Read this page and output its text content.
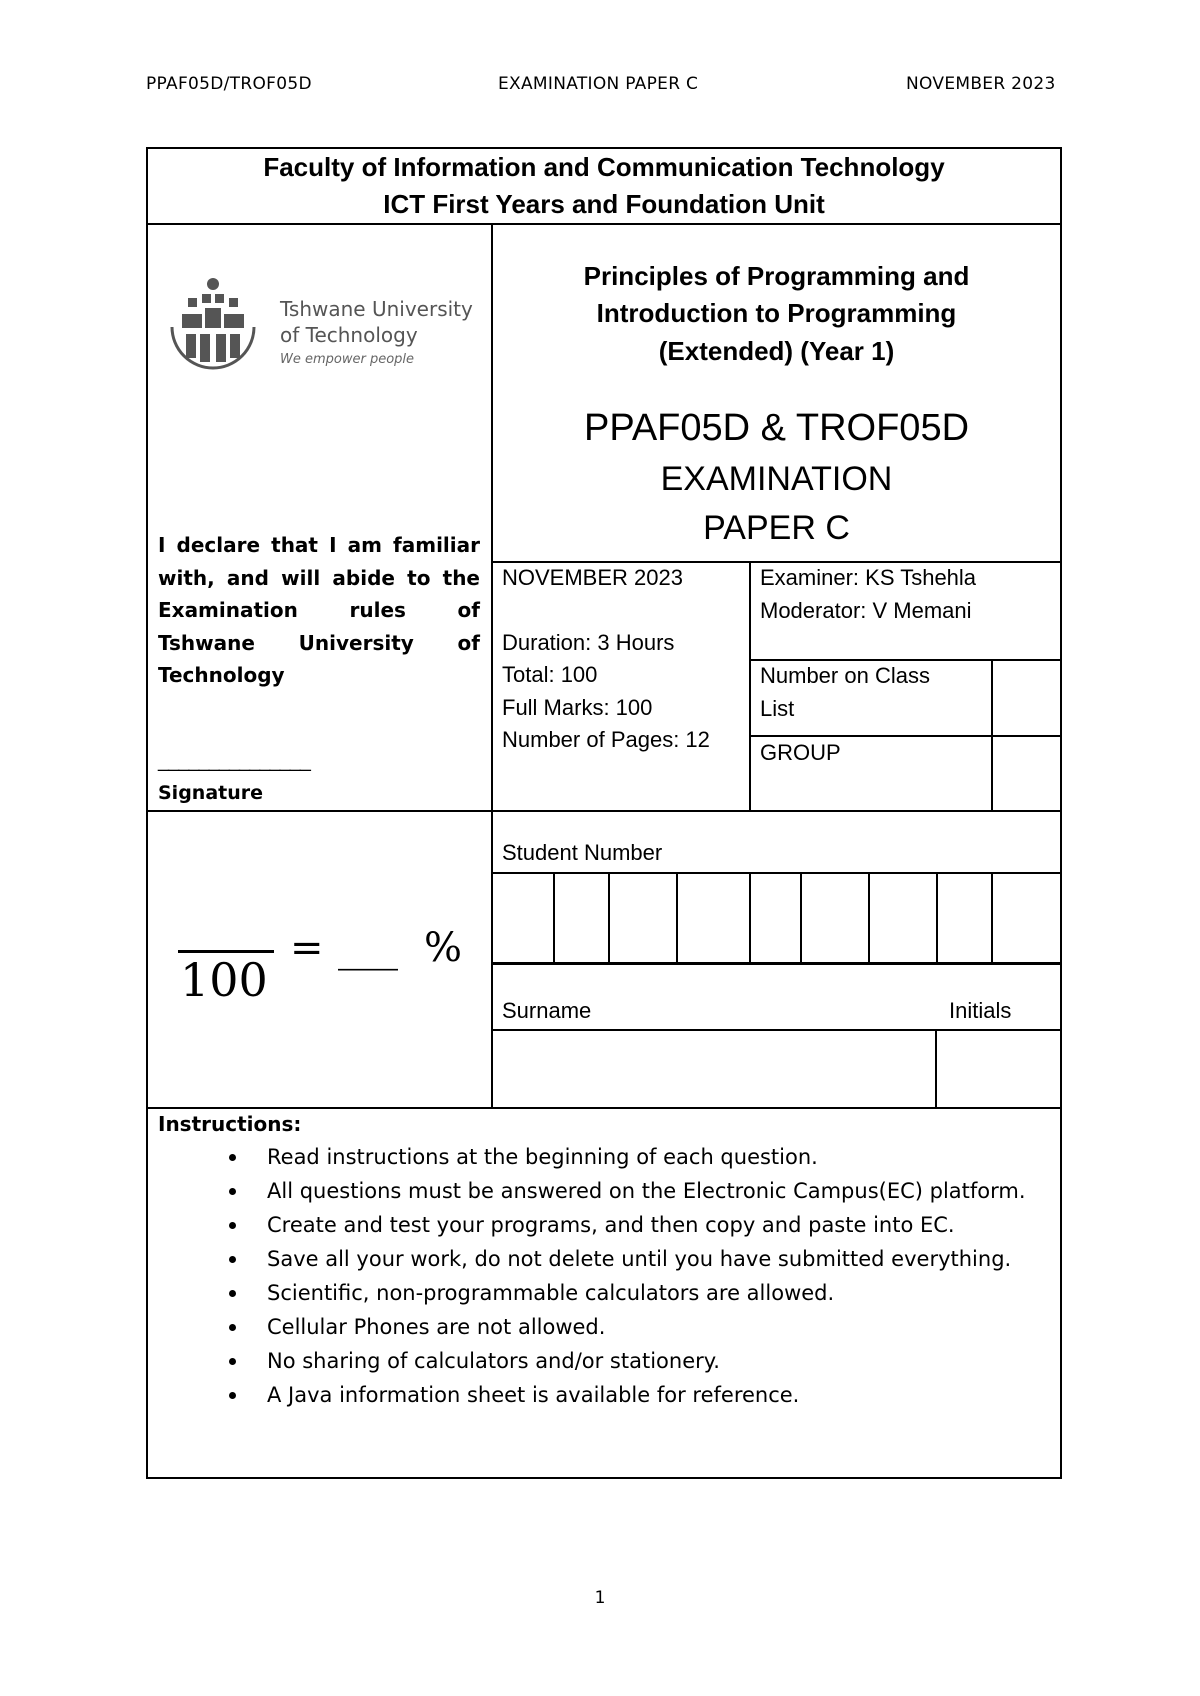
PPAF05D/TROF05D	EXAMINATION PAPER C	NOVEMBER 2023
Faculty of Information and Communication Technology
ICT First Years and Foundation Unit
Tshwane University
of Technology
We empower people
I declare that I am familiar
with, and will abide to the
Examination	rules	of
Tshwane University of
Technology
_______________
Signature
Principles of Programming and
Introduction to Programming
(Extended) (Year 1)
PPAF05D & TROF05D
EXAMINATION
PAPER C
NOVEMBER 2023
Duration: 3 Hours
Total: 100
Full Marks: 100
Number of Pages: 12
Examiner: KS Tshehla
Moderator: V Memani
Number on Class
List
GROUP
100
= ___ %
Student Number
Surname	Initials
Instructions:
Read instructions at the beginning of each question.
All questions must be answered on the Electronic Campus(EC) platform.
Create and test your programs, and then copy and paste into EC.
Save all your work, do not delete until you have submitted everything.
Scientific, non-programmable calculators are allowed.
Cellular Phones are not allowed.
No sharing of calculators and/or stationery.
A Java information sheet is available for reference.
1
